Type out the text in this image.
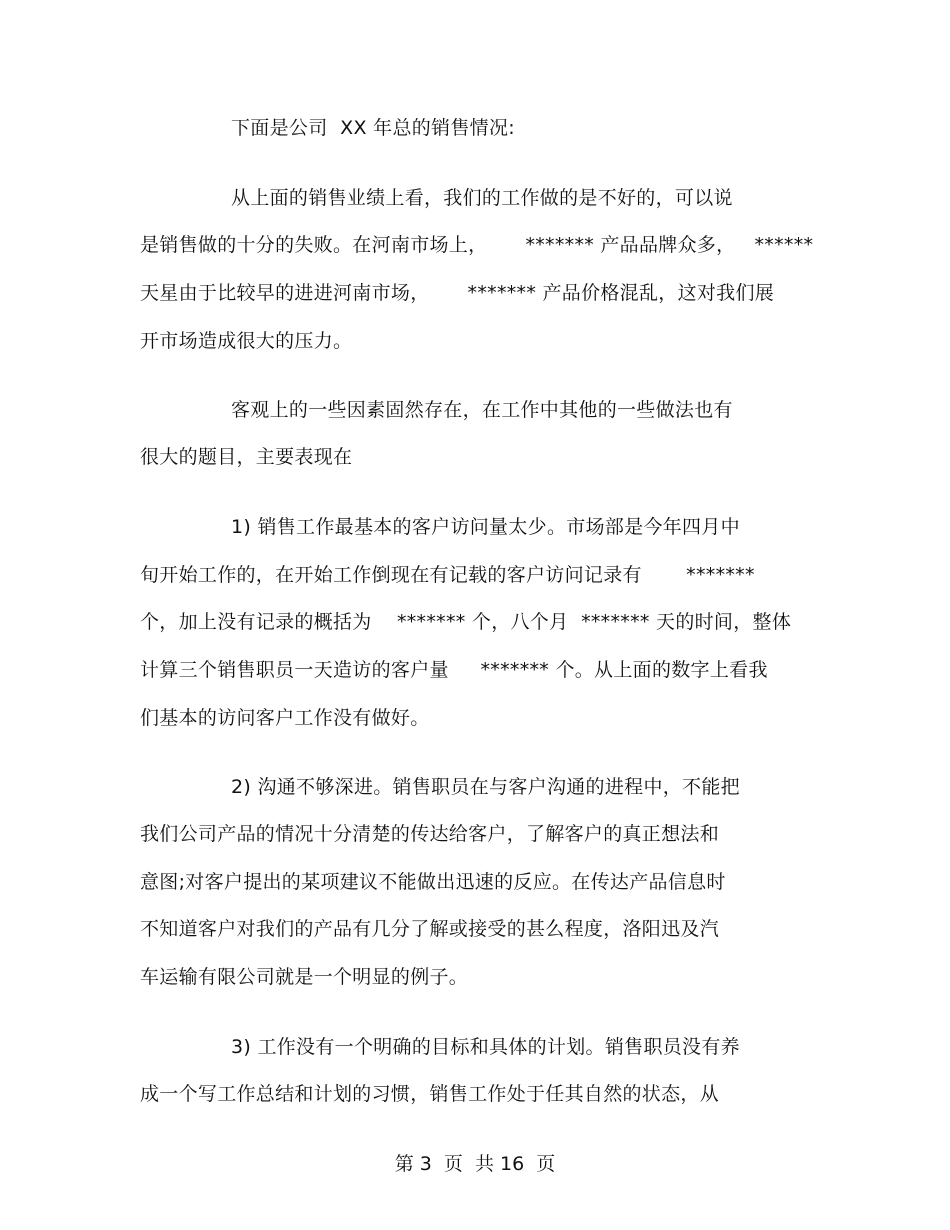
下面是公司  XX 年总的销售情况:
从上面的销售业绩上看，我们的工作做的是不好的，可以说
是销售做的十分的失败。在河南市场上，      ******* 产品品牌众多，   ******
天星由于比较早的进进河南市场，      ******* 产品价格混乱，这对我们展
开市场造成很大的压力。
客观上的一些因素固然存在，在工作中其他的一些做法也有
很大的题目，主要表现在
1) 销售工作最基本的客户访问量太少。市场部是今年四月中
旬开始工作的，在开始工作倒现在有记载的客户访问记录有       *******
个，加上没有记录的概括为    ******* 个，八个月  ******* 天的时间，整体
计算三个销售职员一天造访的客户量     ******* 个。从上面的数字上看我
们基本的访问客户工作没有做好。
2) 沟通不够深进。销售职员在与客户沟通的进程中，不能把
我们公司产品的情况十分清楚的传达给客户，了解客户的真正想法和
意图;对客户提出的某项建议不能做出迅速的反应。在传达产品信息时
不知道客户对我们的产品有几分了解或接受的甚么程度，洛阳迅及汽
车运输有限公司就是一个明显的例子。
3) 工作没有一个明确的目标和具体的计划。销售职员没有养
成一个写工作总结和计划的习惯，销售工作处于任其自然的状态，从
第 3  页  共 16  页
